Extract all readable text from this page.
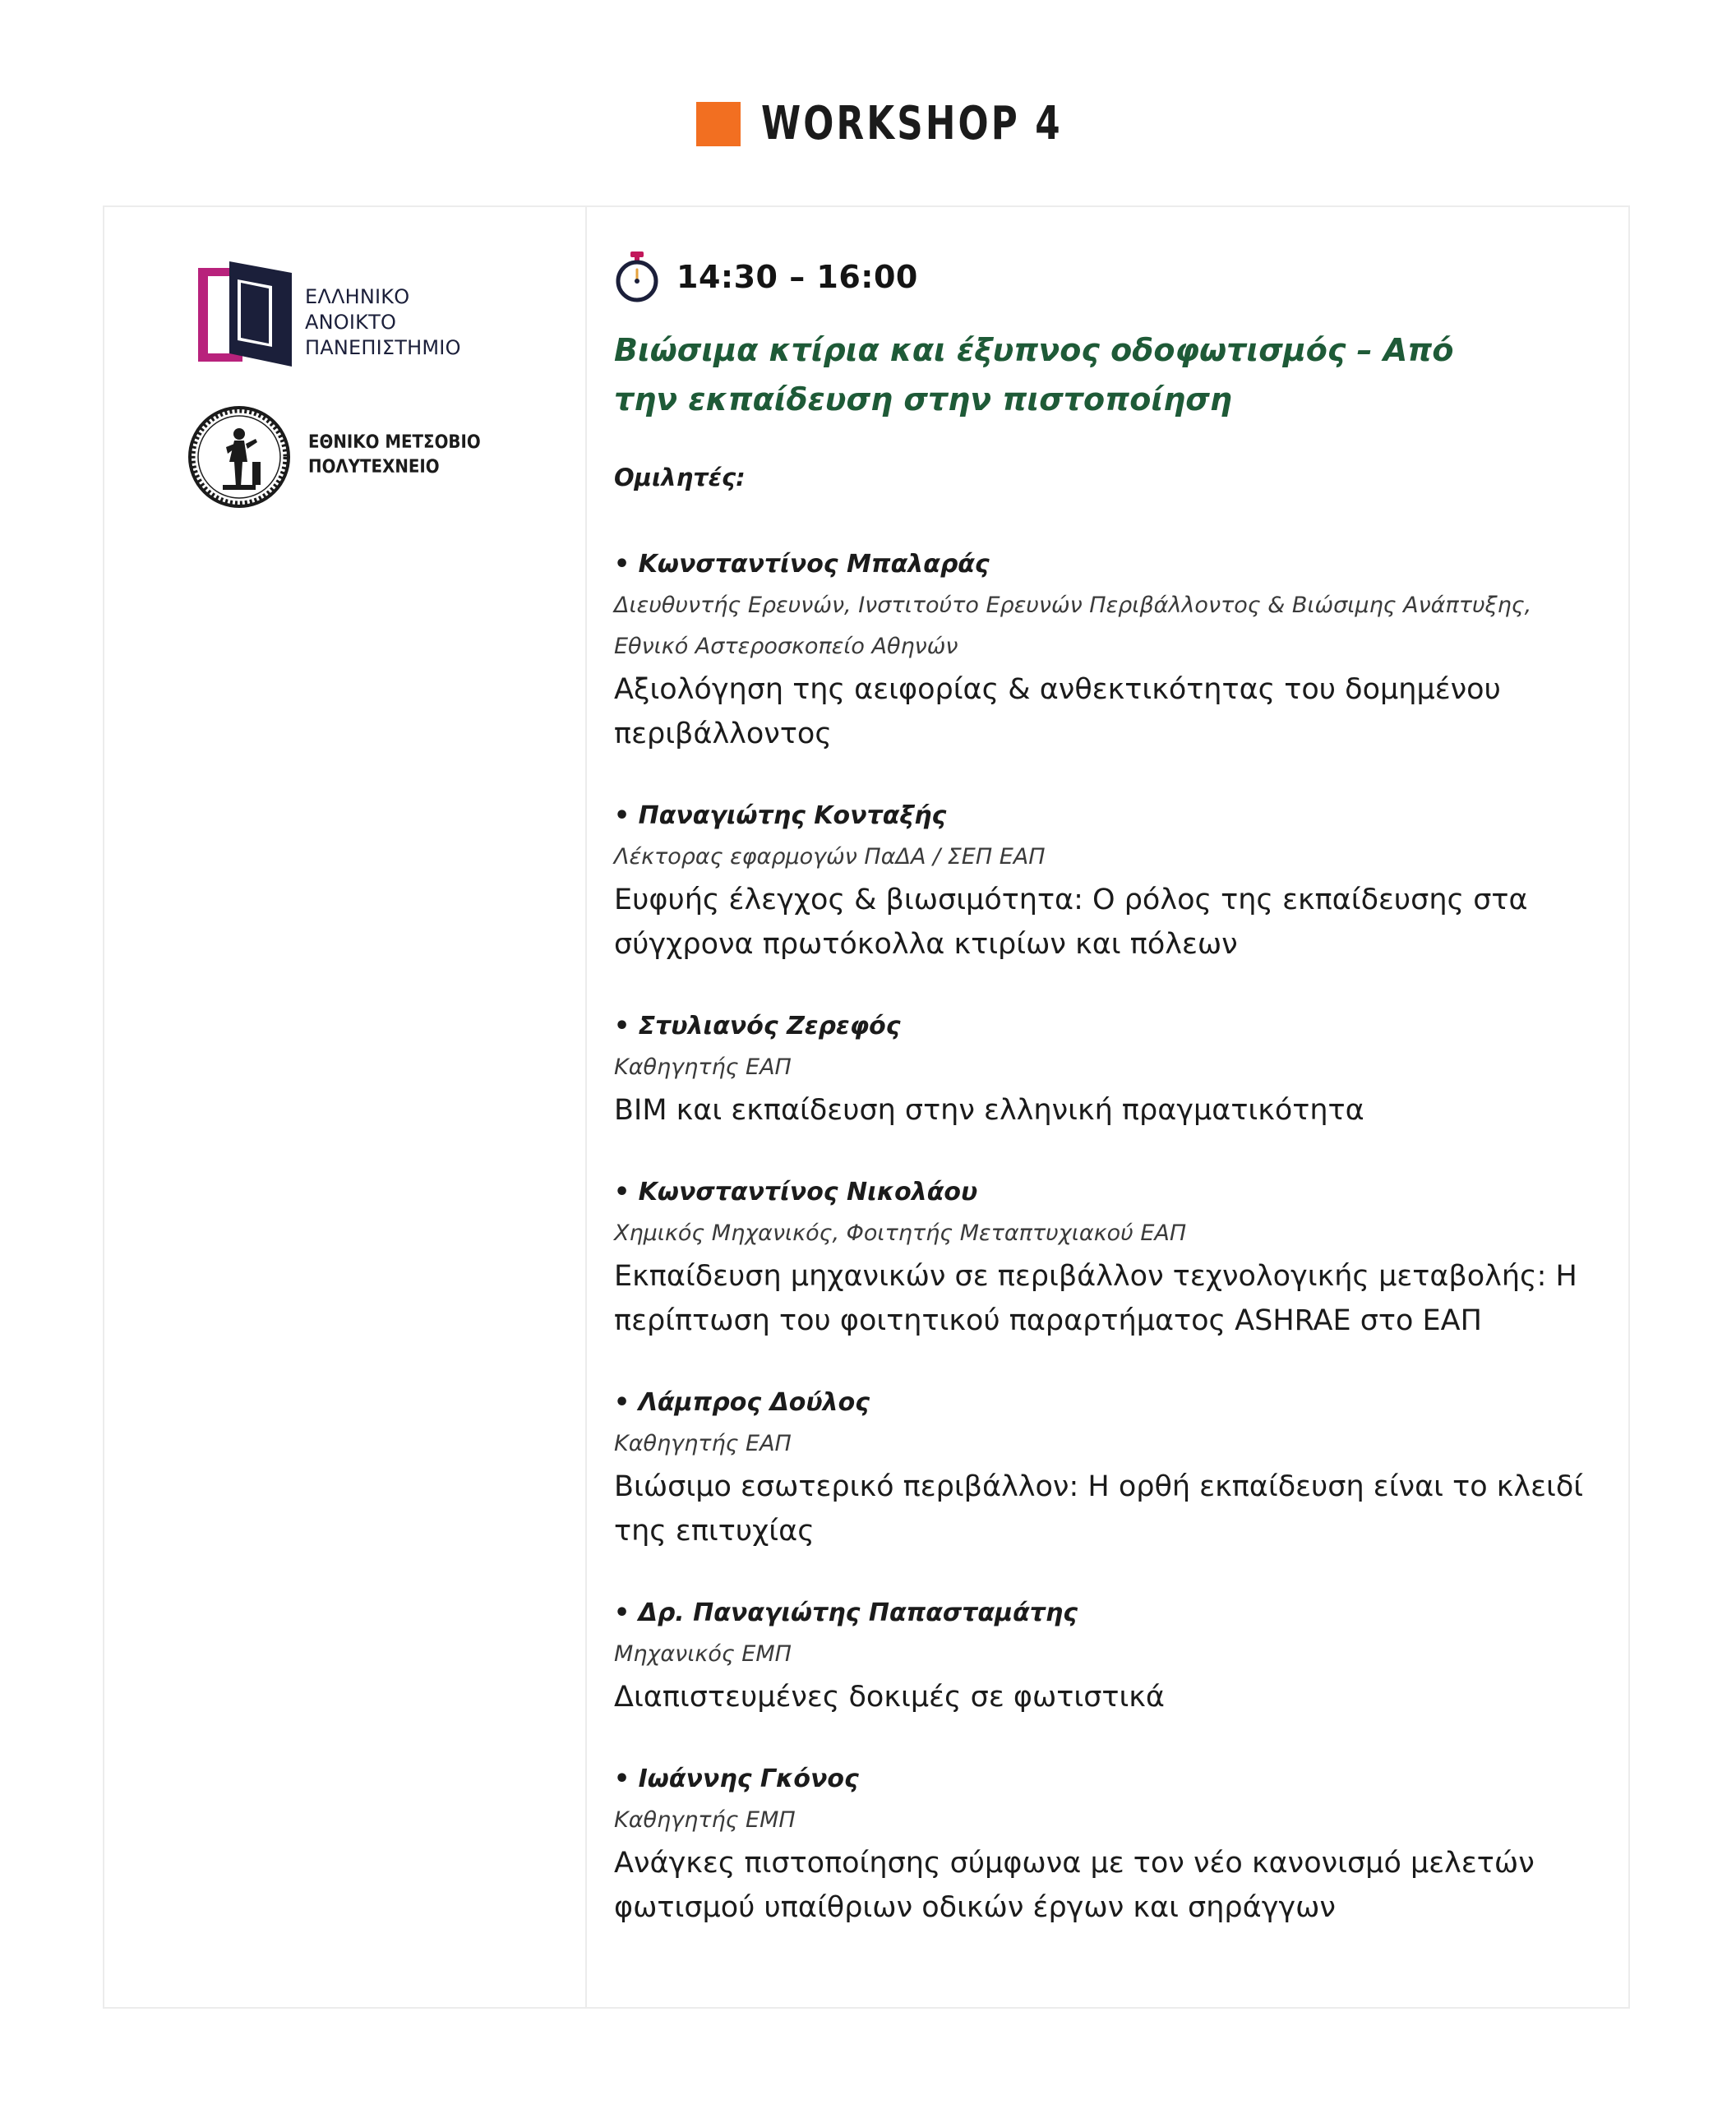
WORKSHOP 4
ΕΛΛΗΝΙΚΟ
ΑΝΟΙΚΤΟ
ΠΑΝΕΠΙΣΤΗΜΙΟ
ΕΘΝΙΚΟ ΜΕΤΣΟΒΙΟ
ΠΟΛΥΤΕΧΝΕΙΟ
14:30 – 16:00
Βιώσιμα κτίρια και έξυπνος οδοφωτισμός – Από την εκπαίδευση στην πιστοποίηση
Ομιλητές:
• Κωνσταντίνος Μπαλαράς
Διευθυντής Ερευνών, Ινστιτούτο Ερευνών Περιβάλλοντος & Βιώσιμης Ανάπτυξης, Εθνικό Αστεροσκοπείο Αθηνών
Αξιολόγηση της αειφορίας & ανθεκτικότητας του δομημένου περιβάλλοντος
• Παναγιώτης Κονταξής
Λέκτορας εφαρμογών ΠαΔΑ / ΣΕΠ ΕΑΠ
Ευφυής έλεγχος & βιωσιμότητα: Ο ρόλος της εκπαίδευσης στα σύγχρονα πρωτόκολλα κτιρίων και πόλεων
• Στυλιανός Ζερεφός
Καθηγητής ΕΑΠ
BIM και εκπαίδευση στην ελληνική πραγματικότητα
• Κωνσταντίνος Νικολάου
Χημικός Μηχανικός, Φοιτητής Μεταπτυχιακού ΕΑΠ
Εκπαίδευση μηχανικών σε περιβάλλον τεχνολογικής μεταβολής: Η περίπτωση του φοιτητικού παραρτήματος ASHRAE στο ΕΑΠ
• Λάμπρος Δούλος
Καθηγητής ΕΑΠ
Βιώσιμο εσωτερικό περιβάλλον: Η ορθή εκπαίδευση είναι το κλειδί της επιτυχίας
• Δρ. Παναγιώτης Παπασταμάτης
Μηχανικός ΕΜΠ
Διαπιστευμένες δοκιμές σε φωτιστικά
• Ιωάννης Γκόνος
Καθηγητής ΕΜΠ
Ανάγκες πιστοποίησης σύμφωνα με τον νέο κανονισμό μελετών φωτισμού υπαίθριων οδικών έργων και σηράγγων
